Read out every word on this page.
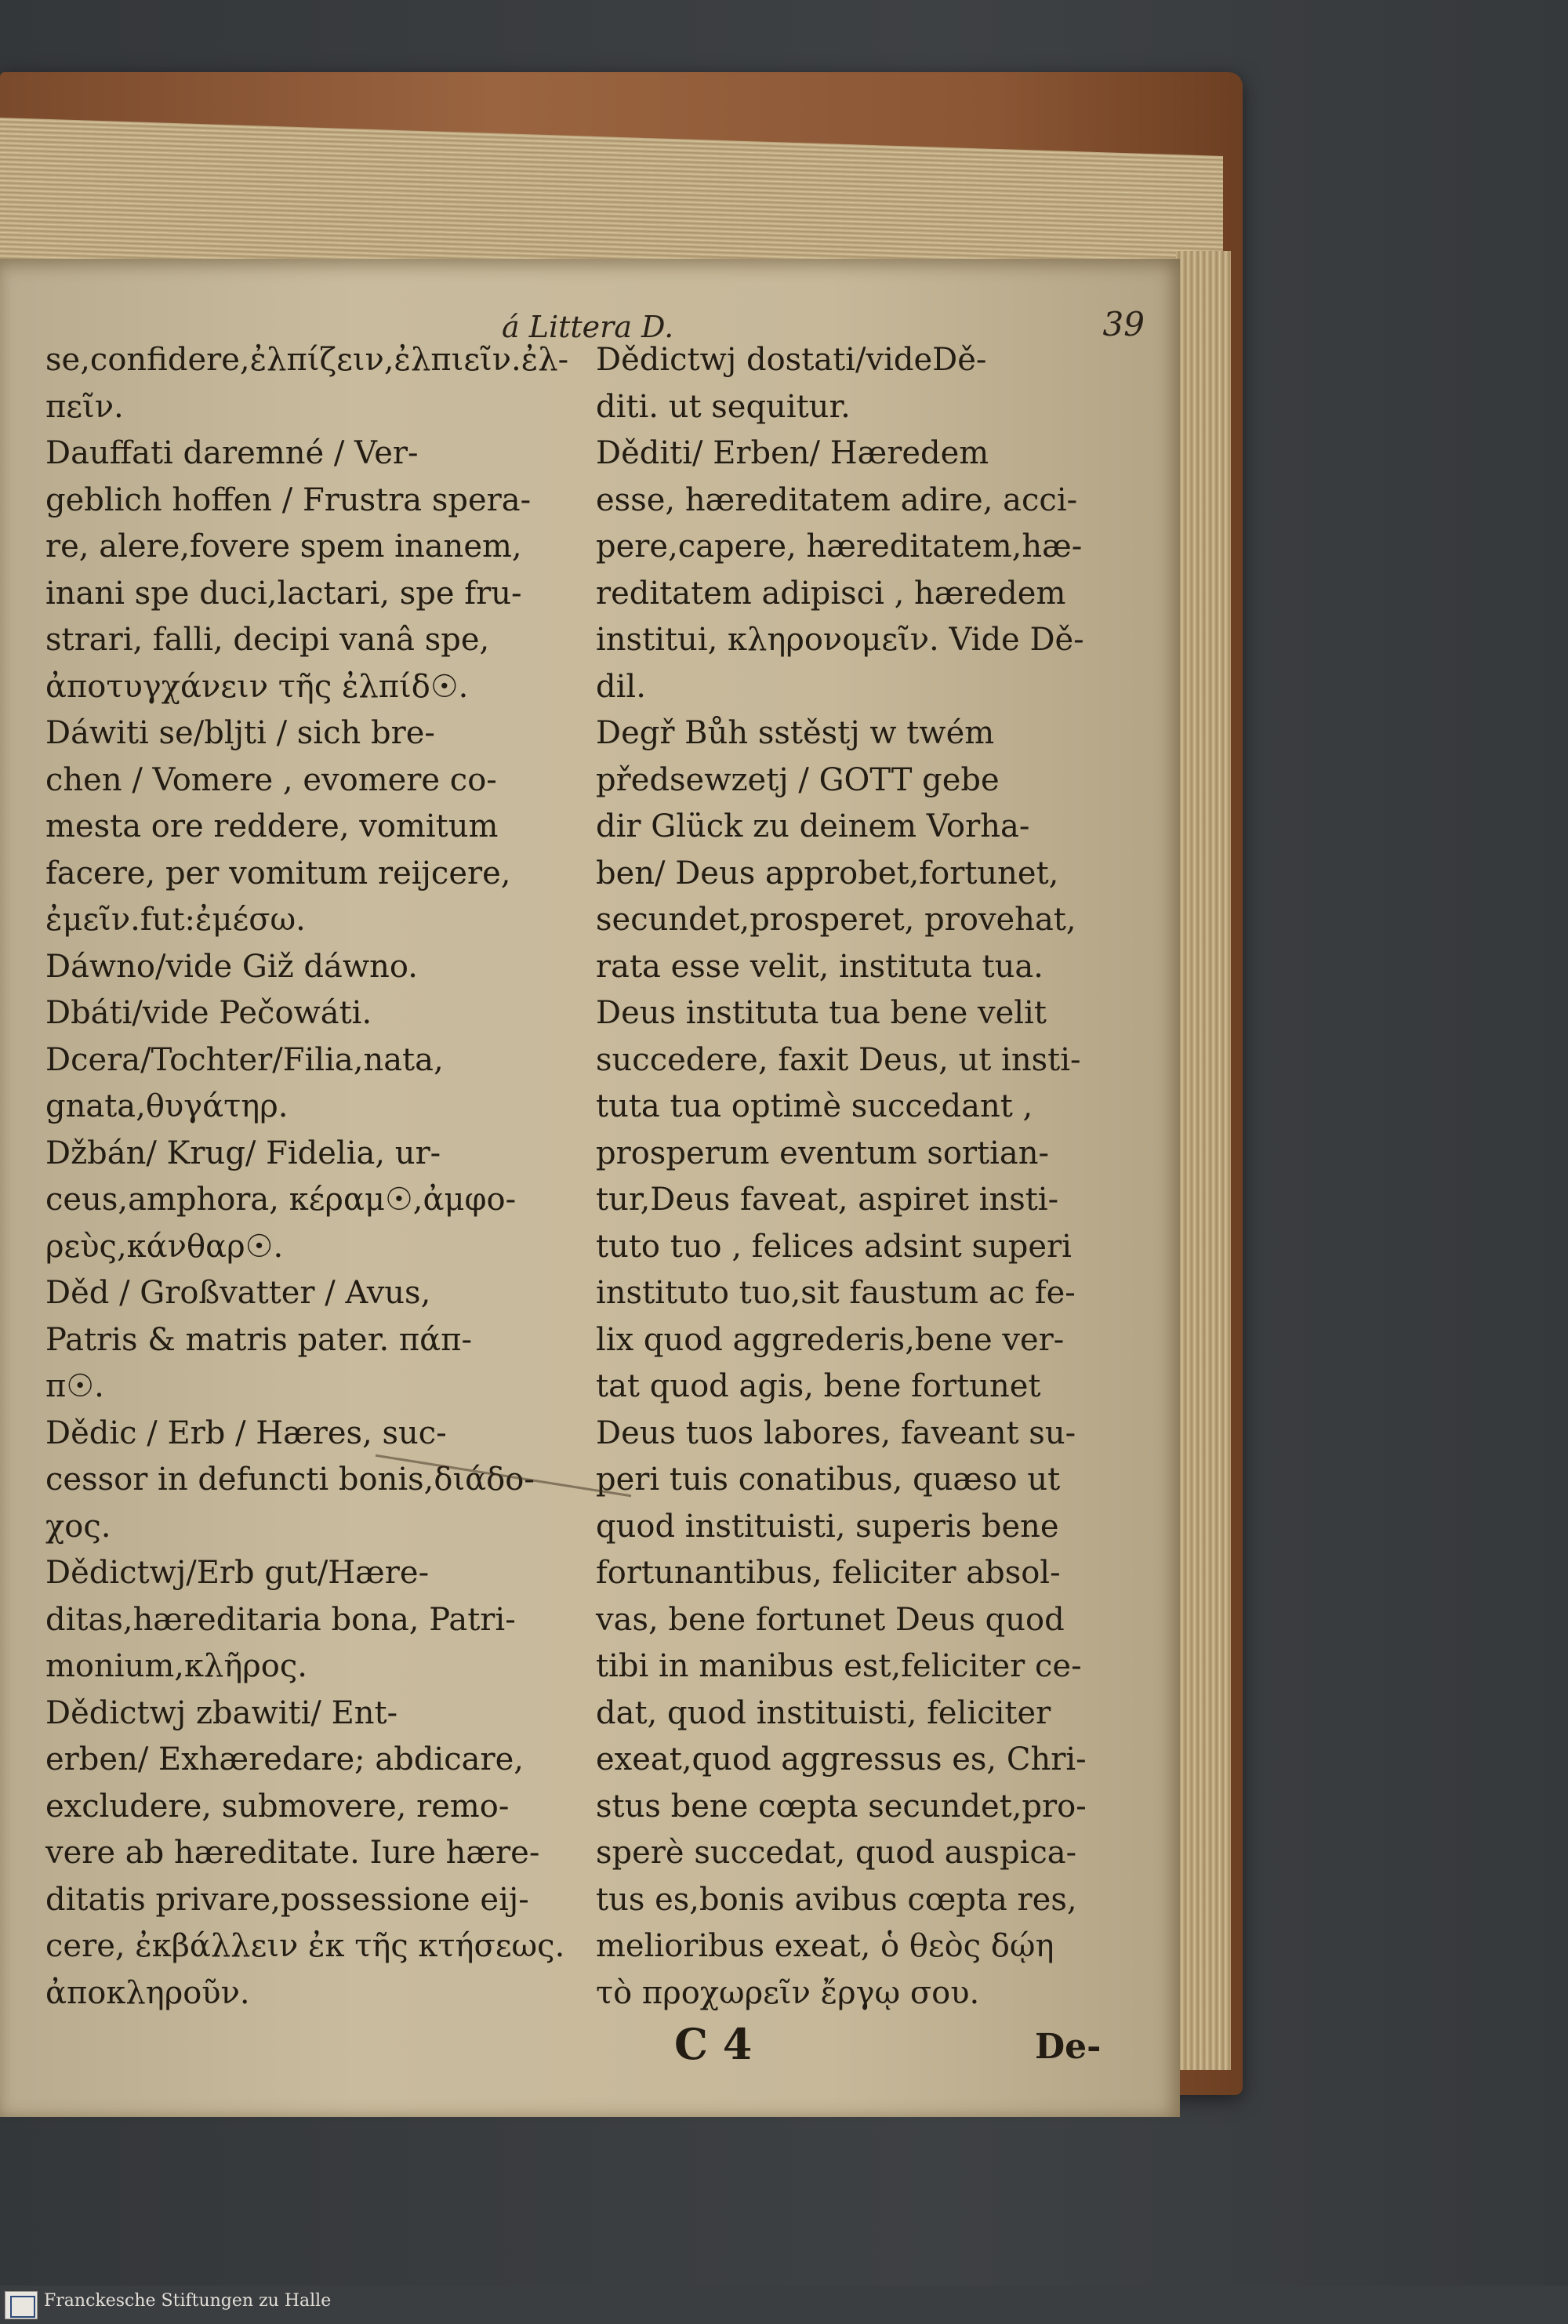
á Littera D.	39
se,confidere,ἐλπίζειν,ἐλπιεῖν.ἐλ-
πεῖν.
Dauffati daremné / Ver-
geblich hoffen / Frustra spera-
re, alere,fovere spem inanem,
inani spe duci,lactari, spe fru-
strari, falli, decipi vanâ spe,
ἀποτυγχάνειν τῆς ἐλπίδ☉.
Dáwiti se/bljti / sich bre-
chen / Vomere , evomere co-
mesta ore reddere, vomitum
facere, per vomitum reijcere,
ἐμεῖν.fut:ἐμέσω.
Dáwno/vide Giž dáwno.
Dbáti/vide Pečowáti.
Dcera/Tochter/Filia,nata,
gnata,θυγάτηρ.
Džbán/ Krug/ Fidelia, ur-
ceus,amphora, κέραμ☉,ἀμφο-
ρεὺς,κάνθαρ☉.
Děd / Großvatter / Avus,
Patris & matris pater. πάπ-
π☉.
Dědic / Erb / Hæres, suc-
cessor in defuncti bonis,διάδο-
χος.
Dědictwj/Erb gut/Hære-
ditas,hæreditaria bona, Patri-
monium,κλῆρος.
Dědictwj zbawiti/ Ent-
erben/ Exhæredare; abdicare,
excludere, submovere, remo-
vere ab hæreditate. Iure hære-
ditatis privare,possessione eij-
cere, ἐκβάλλειν ἐκ τῆς κτήσεως.
ἀποκληροῦν.
Dědictwj dostati/videDě-
diti. ut sequitur.
Děditi/ Erben/ Hæredem
esse, hæreditatem adire, acci-
pere,capere, hæreditatem,hæ-
reditatem adipisci , hæredem
institui, κληρονομεῖν. Vide Dě-
dil.
Degř Bůh sstěstj w twém
předsewzetj / GOTT gebe
dir Glück zu deinem Vorha-
ben/ Deus approbet,fortunet,
secundet,prosperet, provehat,
rata esse velit, instituta tua.
Deus instituta tua bene velit
succedere, faxit Deus, ut insti-
tuta tua optimè succedant ,
prosperum eventum sortian-
tur,Deus faveat, aspiret insti-
tuto tuo , felices adsint superi
instituto tuo,sit faustum ac fe-
lix quod aggrederis,bene ver-
tat quod agis, bene fortunet
Deus tuos labores, faveant su-
peri tuis conatibus, quæso ut
quod instituisti, superis bene
fortunantibus, feliciter absol-
vas, bene fortunet Deus quod
tibi in manibus est,feliciter ce-
dat, quod instituisti, feliciter
exeat,quod aggressus es, Chri-
stus bene cœpta secundet,pro-
sperè succedat, quod auspica-
tus es,bonis avibus cœpta res,
melioribus exeat, ὁ θεὸς δῴη
τὸ προχωρεῖν ἔργῳ σου.
C 4	De-
Franckesche Stiftungen zu Halle
